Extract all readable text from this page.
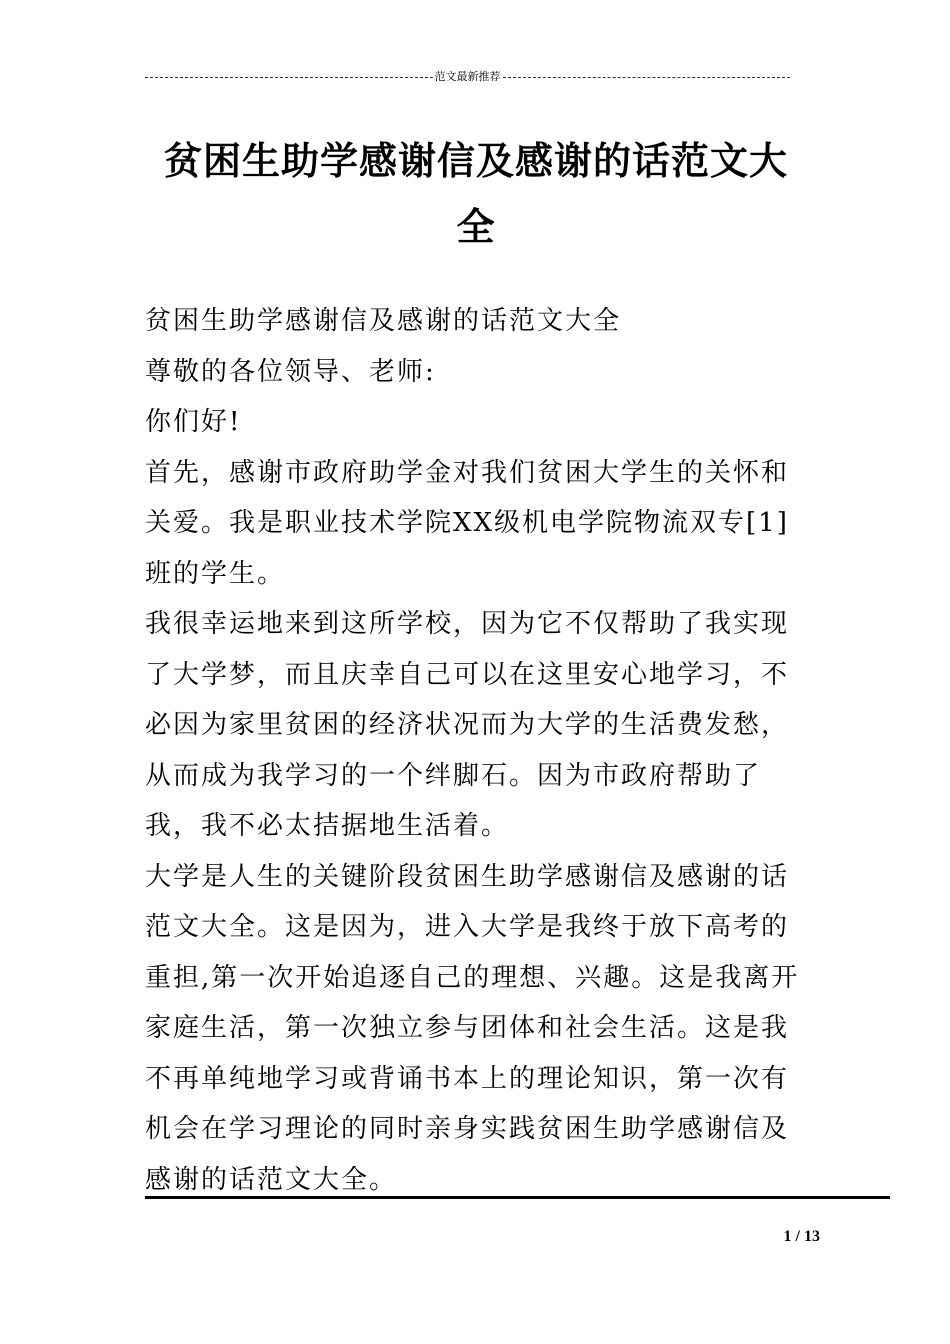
范文最新推荐
贫困生助学感谢信及感谢的话范文大
全

贫困生助学感谢信及感谢的话范文大全

尊敬的各位领导、老师:

你们好!

首先，感谢市政府助学金对我们贫困大学生的关怀和关爱。我是职业技术学院XX级机电学院物流双专[1]班的学生。

我很幸运地来到这所学校，因为它不仅帮助了我实现了大学梦，而且庆幸自己可以在这里安心地学习，不必因为家里贫困的经济状况而为大学的生活费发愁，从而成为我学习的一个绊脚石。因为市政府帮助了我，我不必太拮据地生活着。

大学是人生的关键阶段贫困生助学感谢信及感谢的话范文大全。这是因为，进入大学是我终于放下高考的重担,第一次开始追逐自己的理想、兴趣。这是我离开家庭生活，第一次独立参与团体和社会生活。这是我不再单纯地学习或背诵书本上的理论知识，第一次有机会在学习理论的同时亲身实践贫困生助学感谢信及感谢的话范文大全。

1 / 13
